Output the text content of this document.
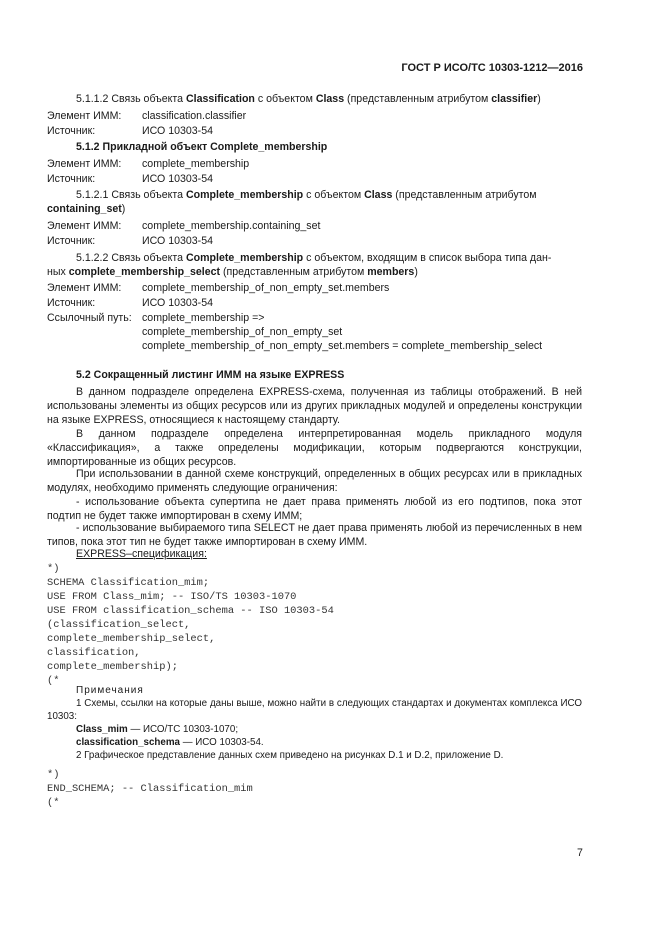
ГОСТ Р ИСО/ТС 10303-1212—2016
5.1.1.2 Связь объекта Classification с объектом Class (представленным атрибутом classifier)
Элемент ИММ: classification.classifier
Источник:	ИСО 10303-54
5.1.2 Прикладной объект Complete_membership
Элемент ИММ: complete_membership
Источник:	ИСО 10303-54
5.1.2.1 Связь объекта Complete_membership с объектом Class (представленным атрибутом
containing_set)
Элемент ИММ: complete_membership.containing_set
Источник:	ИСО 10303-54
5.1.2.2 Связь объекта Complete_membership с объектом, входящим в список выбора типа дан-
ных complete_membership_select (представленным атрибутом members)
Элемент ИММ: complete_membership_of_non_empty_set.members
Источник:	ИСО 10303-54
Ссылочный путь: complete_membership =>
complete_membership_of_non_empty_set
complete_membership_of_non_empty_set.members = complete_membership_select
5.2 Сокращенный листинг ИММ на языке EXPRESS
В данном подразделе определена EXPRESS-схема, полученная из таблицы отображений. В ней использованы элементы из общих ресурсов или из других прикладных модулей и определены конструкции на языке EXPRESS, относящиеся к настоящему стандарту.
В данном подразделе определена интерпретированная модель прикладного модуля «Классификация», а также определены модификации, которым подвергаются конструкции, импортированные из общих ресурсов.
При использовании в данной схеме конструкций, определенных в общих ресурсах или в прикладных модулях, необходимо применять следующие ограничения:
- использование объекта супертипа не дает права применять любой из его подтипов, пока этот подтип не будет также импортирован в схему ИММ;
- использование выбираемого типа SELECT не дает права применять любой из перечисленных в нем типов, пока этот тип не будет также импортирован в схему ИММ.
EXPRESS–спецификация:
*)
SCHEMA Classification_mim;
USE FROM Class_mim; -- ISO/TS 10303-1070
USE FROM classification_schema -- ISO 10303-54
(classification_select,
complete_membership_select,
classification,
complete_membership);
(*
Примечания
1 Схемы, ссылки на которые даны выше, можно найти в следующих стандартах и документах комплекса ИСО 10303:
Class_mim — ИСО/ТС 10303-1070;
classification_schema — ИСО 10303-54.
2 Графическое представление данных схем приведено на рисунках D.1 и D.2, приложение D.
*)
END_SCHEMA; -- Classification_mim
(*
7
